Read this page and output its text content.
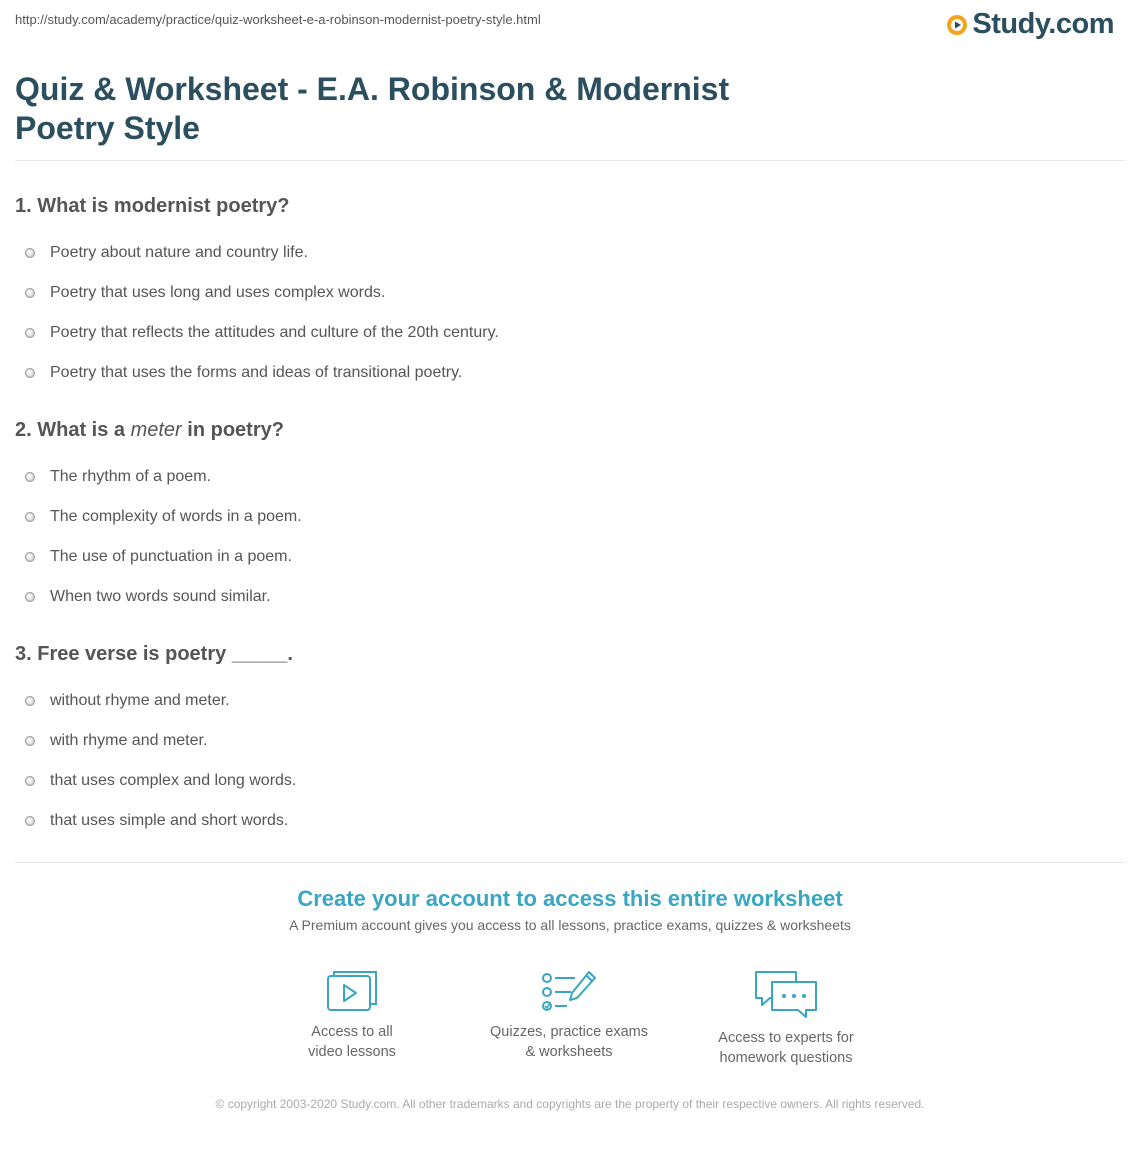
http://study.com/academy/practice/quiz-worksheet-e-a-robinson-modernist-poetry-style.html	Study.com
Quiz & Worksheet - E.A. Robinson & Modernist Poetry Style
1. What is modernist poetry?
Poetry about nature and country life.
Poetry that uses long and uses complex words.
Poetry that reflects the attitudes and culture of the 20th century.
Poetry that uses the forms and ideas of transitional poetry.
2. What is a meter in poetry?
The rhythm of a poem.
The complexity of words in a poem.
The use of punctuation in a poem.
When two words sound similar.
3. Free verse is poetry _____.
without rhyme and meter.
with rhyme and meter.
that uses complex and long words.
that uses simple and short words.
Create your account to access this entire worksheet
A Premium account gives you access to all lessons, practice exams, quizzes & worksheets
Access to all
video lessons
Quizzes, practice exams
& worksheets
Access to experts for
homework questions
© copyright 2003-2020 Study.com. All other trademarks and copyrights are the property of their respective owners. All rights reserved.
